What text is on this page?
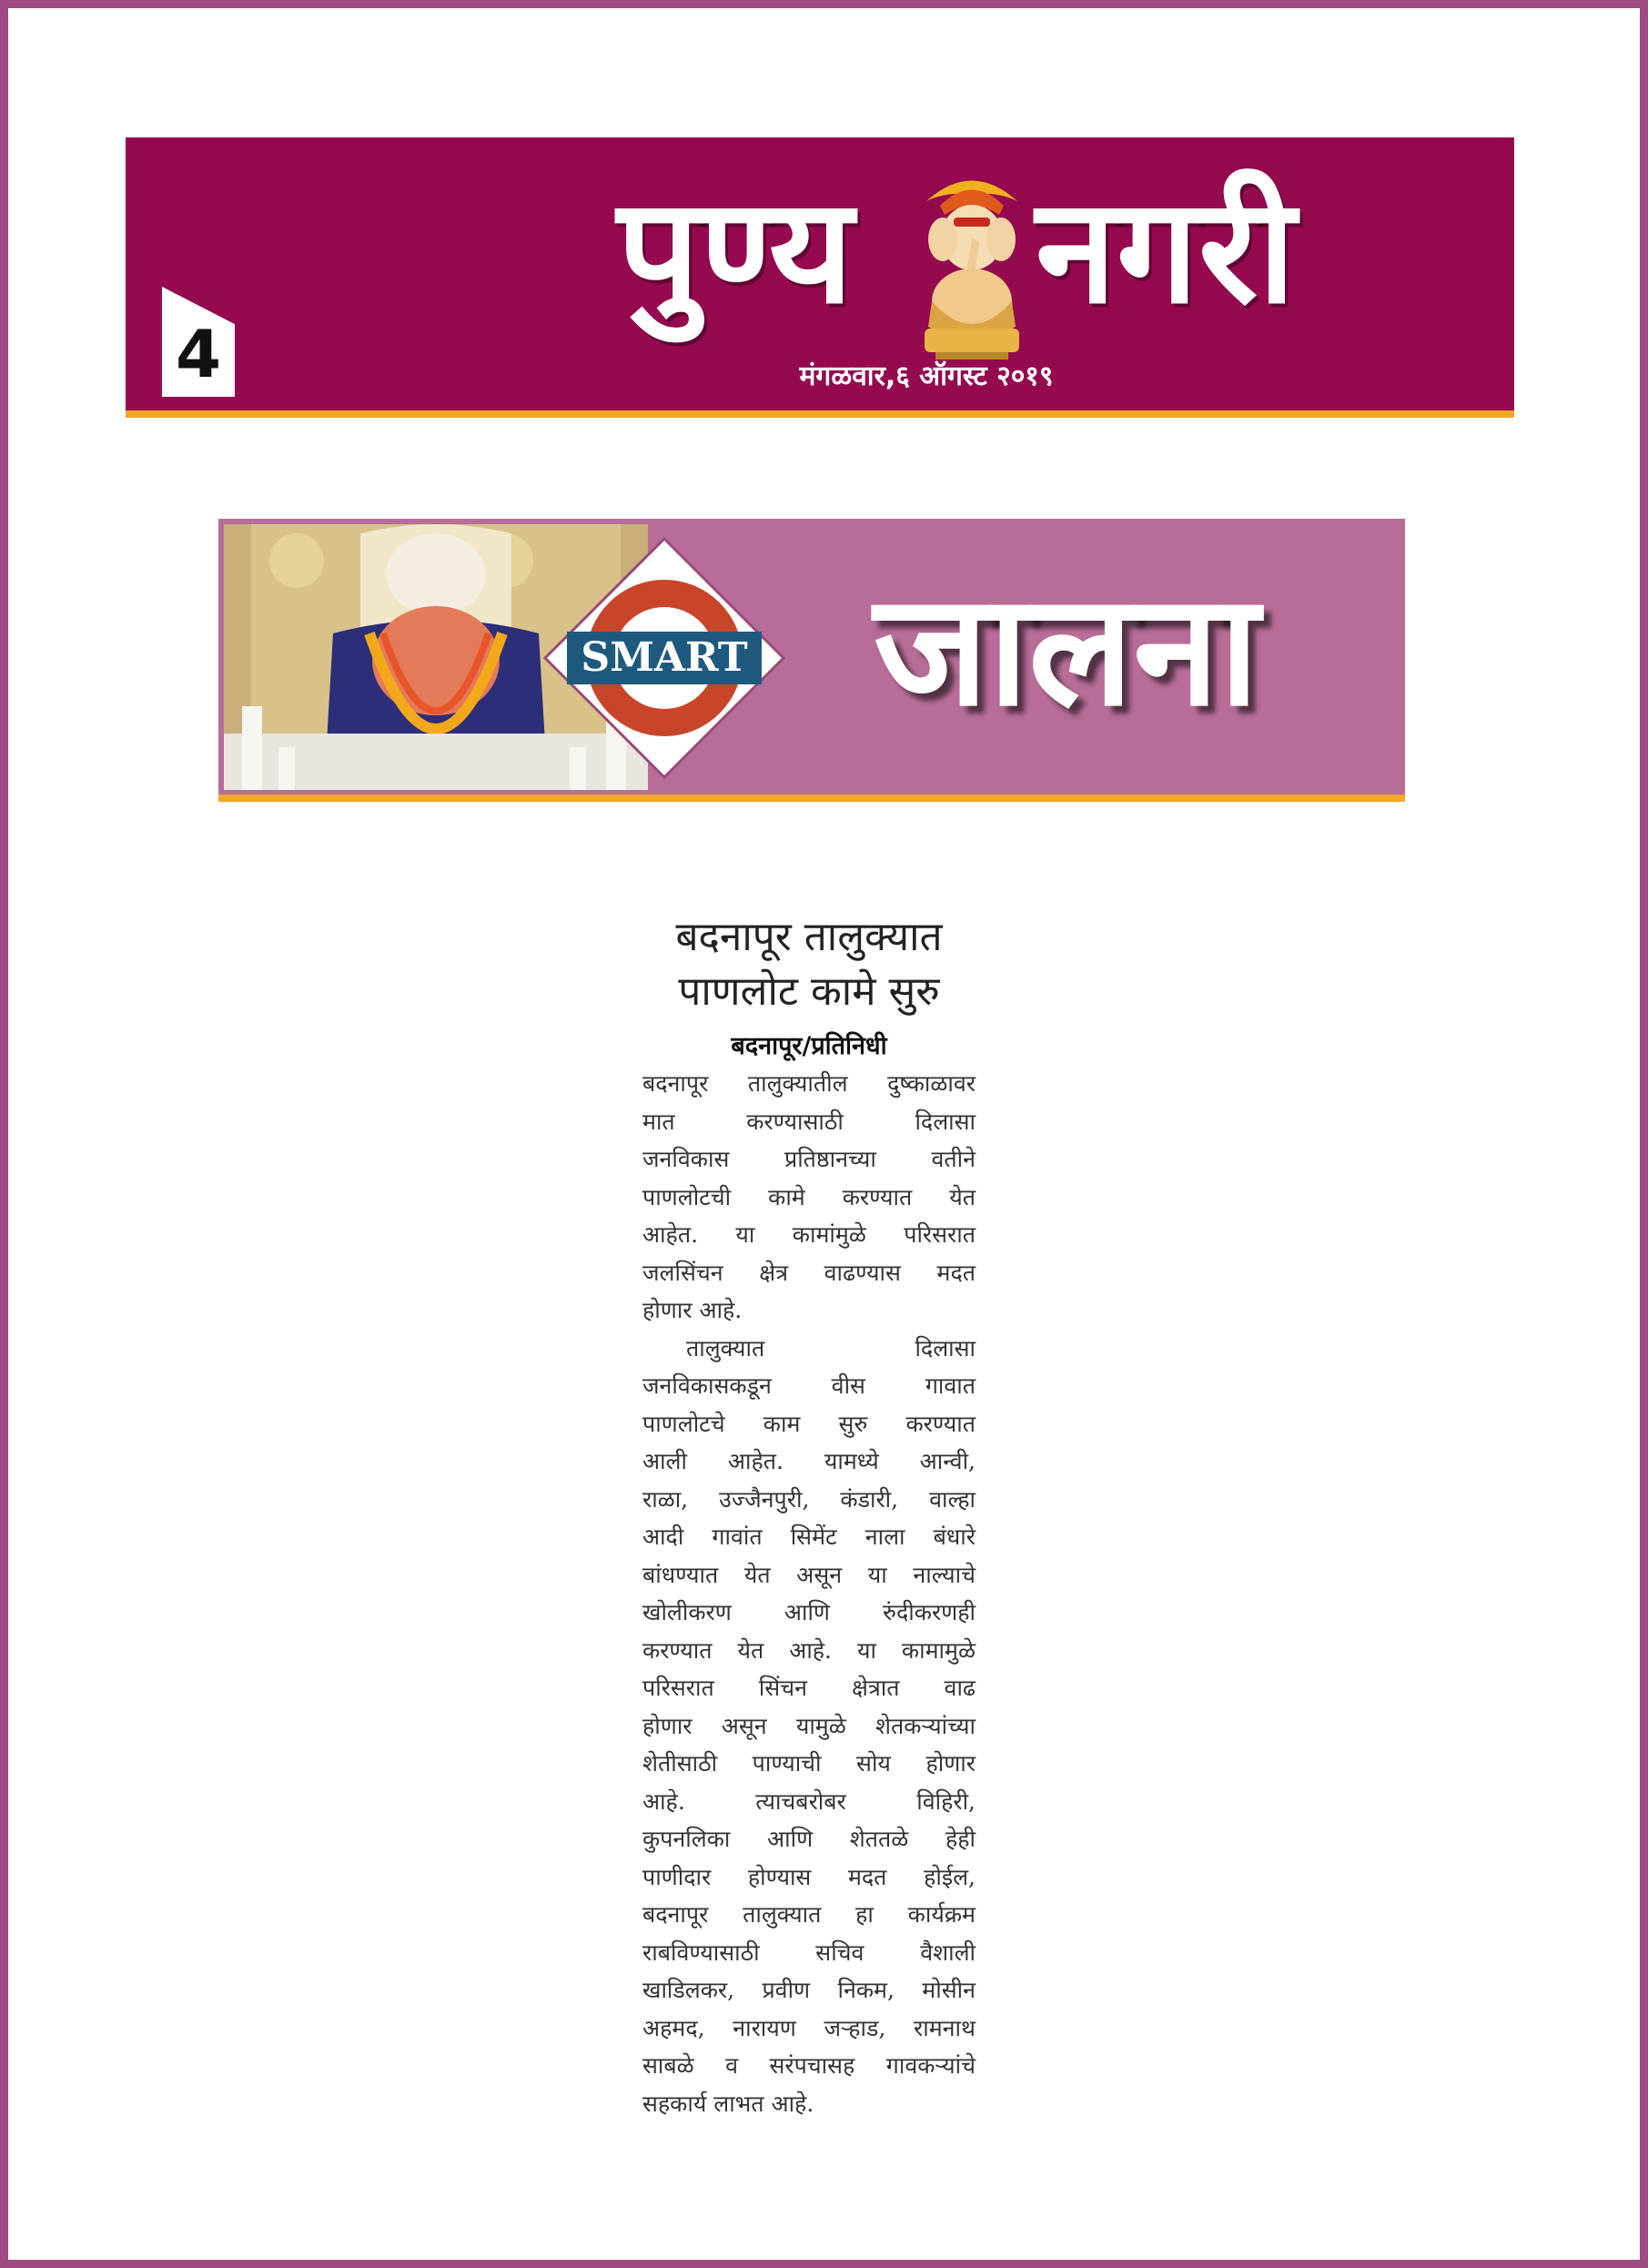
4
पुण्य नगरी
मंगळवार,६ ऑगस्ट २०१९
SMART जालना
बदनापूर तालुक्यात
पाणलोट कामे सुरु
बदनापूर/प्रतिनिधी

बदनापूर तालुक्यातील दुष्काळावर
मात करण्यासाठी दिलासा
जनविकास प्रतिष्ठानच्या वतीने
पाणलोटची कामे करण्यात येत
आहेत. या कामांमुळे परिसरात
जलसिंचन क्षेत्र वाढण्यास मदत
होणार आहे.

तालुक्यात दिलासा
जनविकासकडून वीस गावात
पाणलोटचे काम सुरु करण्यात
आली आहेत. यामध्ये आन्वी,
राळा, उज्जैनपुरी, कंडारी, वाल्हा
आदी गावांत सिमेंट नाला बंधारे
बांधण्यात येत असून या नाल्याचे
खोलीकरण आणि रुंदीकरणही
करण्यात येत आहे. या कामामुळे
परिसरात सिंचन क्षेत्रात वाढ
होणार असून यामुळे शेतकऱ्यांच्या
शेतीसाठी पाण्याची सोय होणार
आहे. त्याचबरोबर विहिरी,
कुपनलिका आणि शेततळे हेही
पाणीदार होण्यास मदत होईल,
बदनापूर तालुक्यात हा कार्यक्रम
राबविण्यासाठी सचिव वैशाली
खाडिलकर, प्रवीण निकम, मोसीन
अहमद, नारायण जऱ्हाड, रामनाथ
साबळे व सरंपचासह गावकऱ्यांचे
सहकार्य लाभत आहे.
